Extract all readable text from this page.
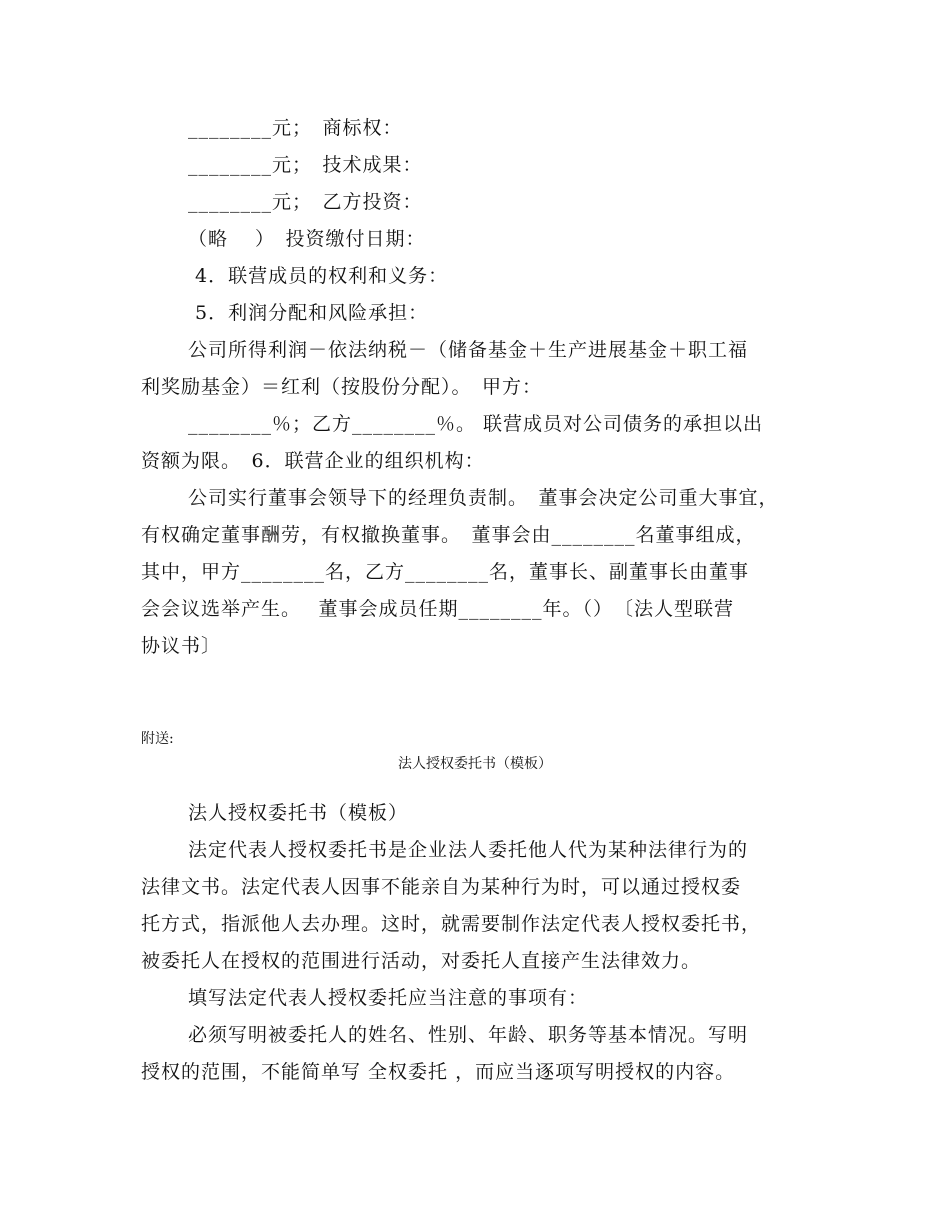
________元；　商标权：
________元；　技术成果：
________元；　乙方投资：
（略　 ）　投资缴付日期：
4．联营成员的权利和义务：
5．利润分配和风险承担：
公司所得利润－依法纳税－（储备基金＋生产进展基金＋职工福
利奖励基金）＝红利（按股份分配）。　甲方：
________％；乙方________％。 联营成员对公司债务的承担以出
资额为限。　6．联营企业的组织机构：
公司实行董事会领导下的经理负责制。　董事会决定公司重大事宜，
有权确定董事酬劳，有权撤换董事。　董事会由________名董事组成，
其中，甲方________名，乙方________名，董事长、副董事长由董事
会会议选举产生。　 董事会成员任期________年。（）　〔法人型联营
协议书〕
附送:
法人授权委托书（模板）
法人授权委托书（模板）
法定代表人授权委托书是企业法人委托他人代为某种法律行为的
法律文书。法定代表人因事不能亲自为某种行为时，可以通过授权委
托方式，指派他人去办理。这时，就需要制作法定代表人授权委托书，
被委托人在授权的范围进行活动，对委托人直接产生法律效力。
填写法定代表人授权委托应当注意的事项有：
必须写明被委托人的姓名、性别、年龄、职务等基本情况。写明
授权的范围，不能简单写 全权委托 ，而应当逐项写明授权的内容。
